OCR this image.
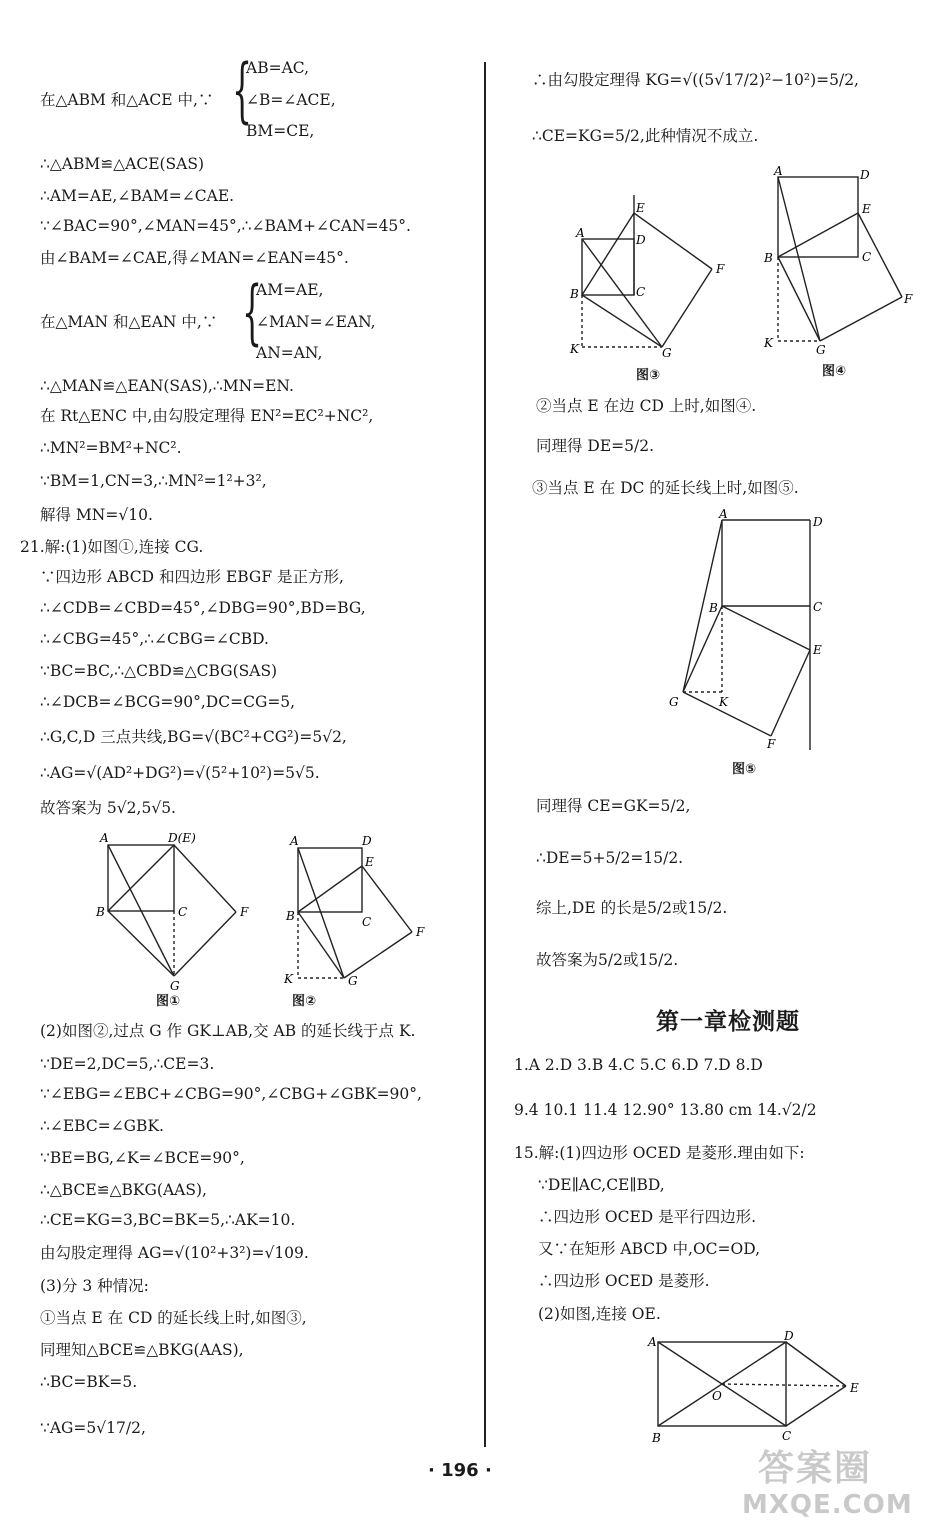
AB=AC,
在△ABM 和△ACE 中,∵ {
∠B=∠ACE,
BM=CE,
∴△ABM≌△ACE(SAS)
∴AM=AE,∠BAM=∠CAE.
∵∠BAC=90°,∠MAN=45°,∴∠BAM+∠CAN=45°.
由∠BAM=∠CAE,得∠MAN=∠EAN=45°.
AM=AE,
在△MAN 和△EAN 中,∵ {
∠MAN=∠EAN,
AN=AN,
∴△MAN≌△EAN(SAS),∴MN=EN.
在 Rt△ENC 中,由勾股定理得 EN²=EC²+NC²,
∴MN²=BM²+NC².
∵BM=1,CN=3,∴MN²=1²+3²,
解得 MN=√10.
21.解:(1)如图①,连接 CG.
∵四边形 ABCD 和四边形 EBGF 是正方形,
∴∠CDB=∠CBD=45°,∠DBG=90°,BD=BG,
∴∠CBG=45°,∴∠CBG=∠CBD.
∵BC=BC,∴△CBD≌△CBG(SAS)
∴∠DCB=∠BCG=90°,DC=CG=5,
∴G,C,D 三点共线,BG=√(BC²+CG²)=5√2,
∴AG=√(AD²+DG²)=√(5²+10²)=5√5.
故答案为 5√2,5√5.
A	D(E)
B	C	F
G
图①
A	D
E
B	C
F
K	G
图②
(2)如图②,过点 G 作 GK⊥AB,交 AB 的延长线于点 K.
∵DE=2,DC=5,∴CE=3.
∵∠EBG=∠EBC+∠CBG=90°,∠CBG+∠GBK=90°,
∴∠EBC=∠GBK.
∵BE=BG,∠K=∠BCE=90°,
∴△BCE≌△BKG(AAS),
∴CE=KG=3,BC=BK=5,∴AK=10.
由勾股定理得 AG=√(10²+3²)=√109.
(3)分 3 种情况:
①当点 E 在 CD 的延长线上时,如图③,
同理知△BCE≌△BKG(AAS),
∴BC=BK=5.
∵AG=5√17/2,
∴由勾股定理得 KG=√((5√17/2)²−10²)=5/2,
∴CE=KG=5/2,此种情况不成立.
A
E
D
B	C
F
K	G
图③
A	D
E
B	C
F
K	G
图④
②当点 E 在边 CD 上时,如图④.
同理得 DE=5/2.
③当点 E 在 DC 的延长线上时,如图⑤.
A
D
B	C
E
G	K
F
图⑤
同理得 CE=GK=5/2,
∴DE=5+5/2=15/2.
综上,DE 的长是5/2或15/2.
故答案为5/2或15/2.
第一章检测题
1.A 2.D 3.B 4.C 5.C 6.D 7.D 8.D
9.4 10.1 11.4 12.90° 13.80 cm 14.√2/2
15.解:(1)四边形 OCED 是菱形.理由如下:
∵DE∥AC,CE∥BD,
∴四边形 OCED 是平行四边形.
又∵在矩形 ABCD 中,OC=OD,
∴四边形 OCED 是菱形.
(2)如图,连接 OE.
A	D
O
E
B	C
· 196 ·	答案圈
MXQE.COM
